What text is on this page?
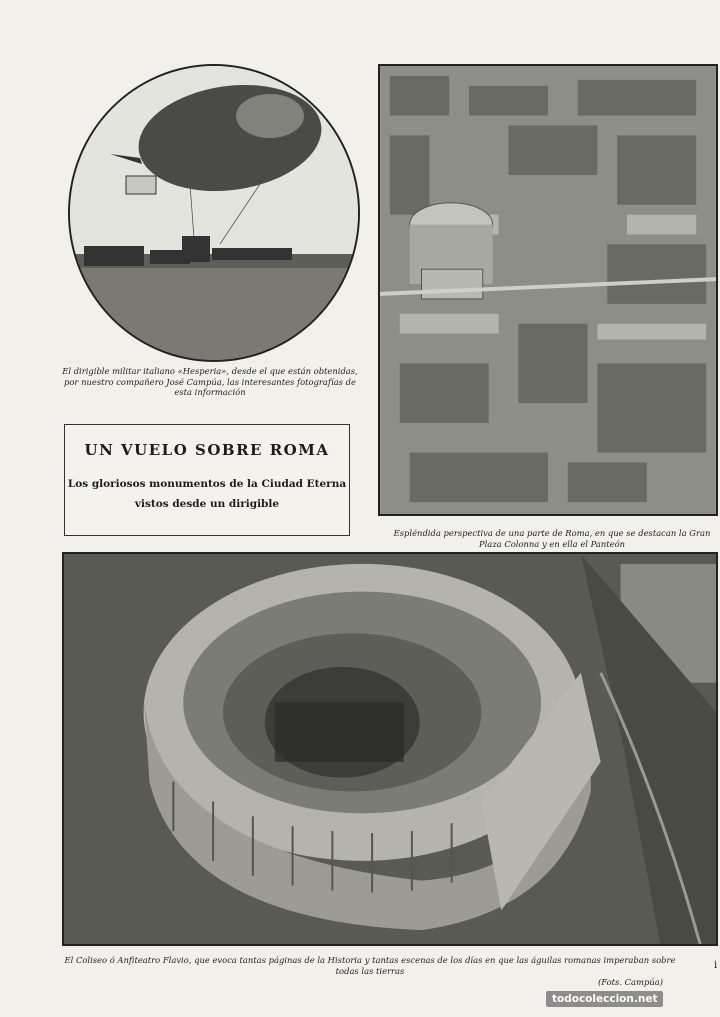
El dirigible militar italiano «Hesperia», desde el que están obtenidas, por nuestro compañero José Campúa, las interesantes fotografías de esta información
UN VUELO SOBRE ROMA
Los gloriosos monumentos de la Ciudad Eterna
vistos desde un dirigible
Espléndida perspectiva de una parte de Roma, en que se destacan la Gran Plaza Colonna y en ella el Panteón
El Coliseo ó Anfiteatro Flavio, que evoca tantas páginas de la Historia y tantas escenas de los días en que las águilas romanas imperaban sobre todas las tierras
(Fots. Campúa)
todocoleccion.net
i
